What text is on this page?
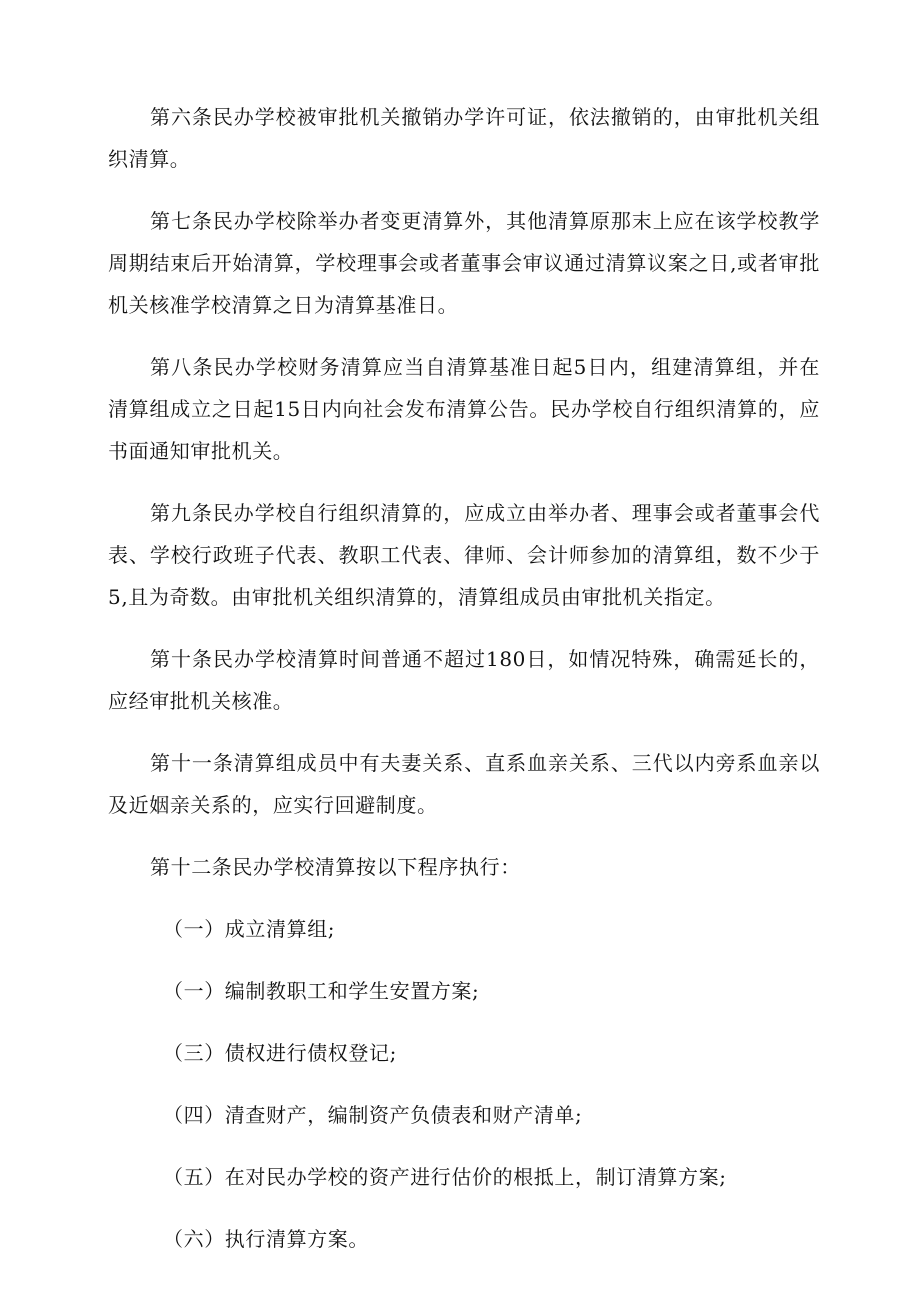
第六条民办学校被审批机关撤销办学许可证，依法撤销的，由审批机关组织清算。

第七条民办学校除举办者变更清算外，其他清算原那末上应在该学校教学周期结束后开始清算，学校理事会或者董事会审议通过清算议案之日,或者审批机关核准学校清算之日为清算基准日。

第八条民办学校财务清算应当自清算基准日起5日内，组建清算组，并在清算组成立之日起15日内向社会发布清算公告。民办学校自行组织清算的，应书面通知审批机关。

第九条民办学校自行组织清算的，应成立由举办者、理事会或者董事会代表、学校行政班子代表、教职工代表、律师、会计师参加的清算组，数不少于5,且为奇数。由审批机关组织清算的，清算组成员由审批机关指定。

第十条民办学校清算时间普通不超过180日，如情况特殊，确需延长的，应经审批机关核准。

第十一条清算组成员中有夫妻关系、直系血亲关系、三代以内旁系血亲以及近姻亲关系的，应实行回避制度。

第十二条民办学校清算按以下程序执行：

（一）成立清算组;
（一）编制教职工和学生安置方案;
（三）债权进行债权登记;
（四）清查财产，编制资产负债表和财产清单;
（五）在对民办学校的资产进行估价的根抵上，制订清算方案;
（六）执行清算方案。
